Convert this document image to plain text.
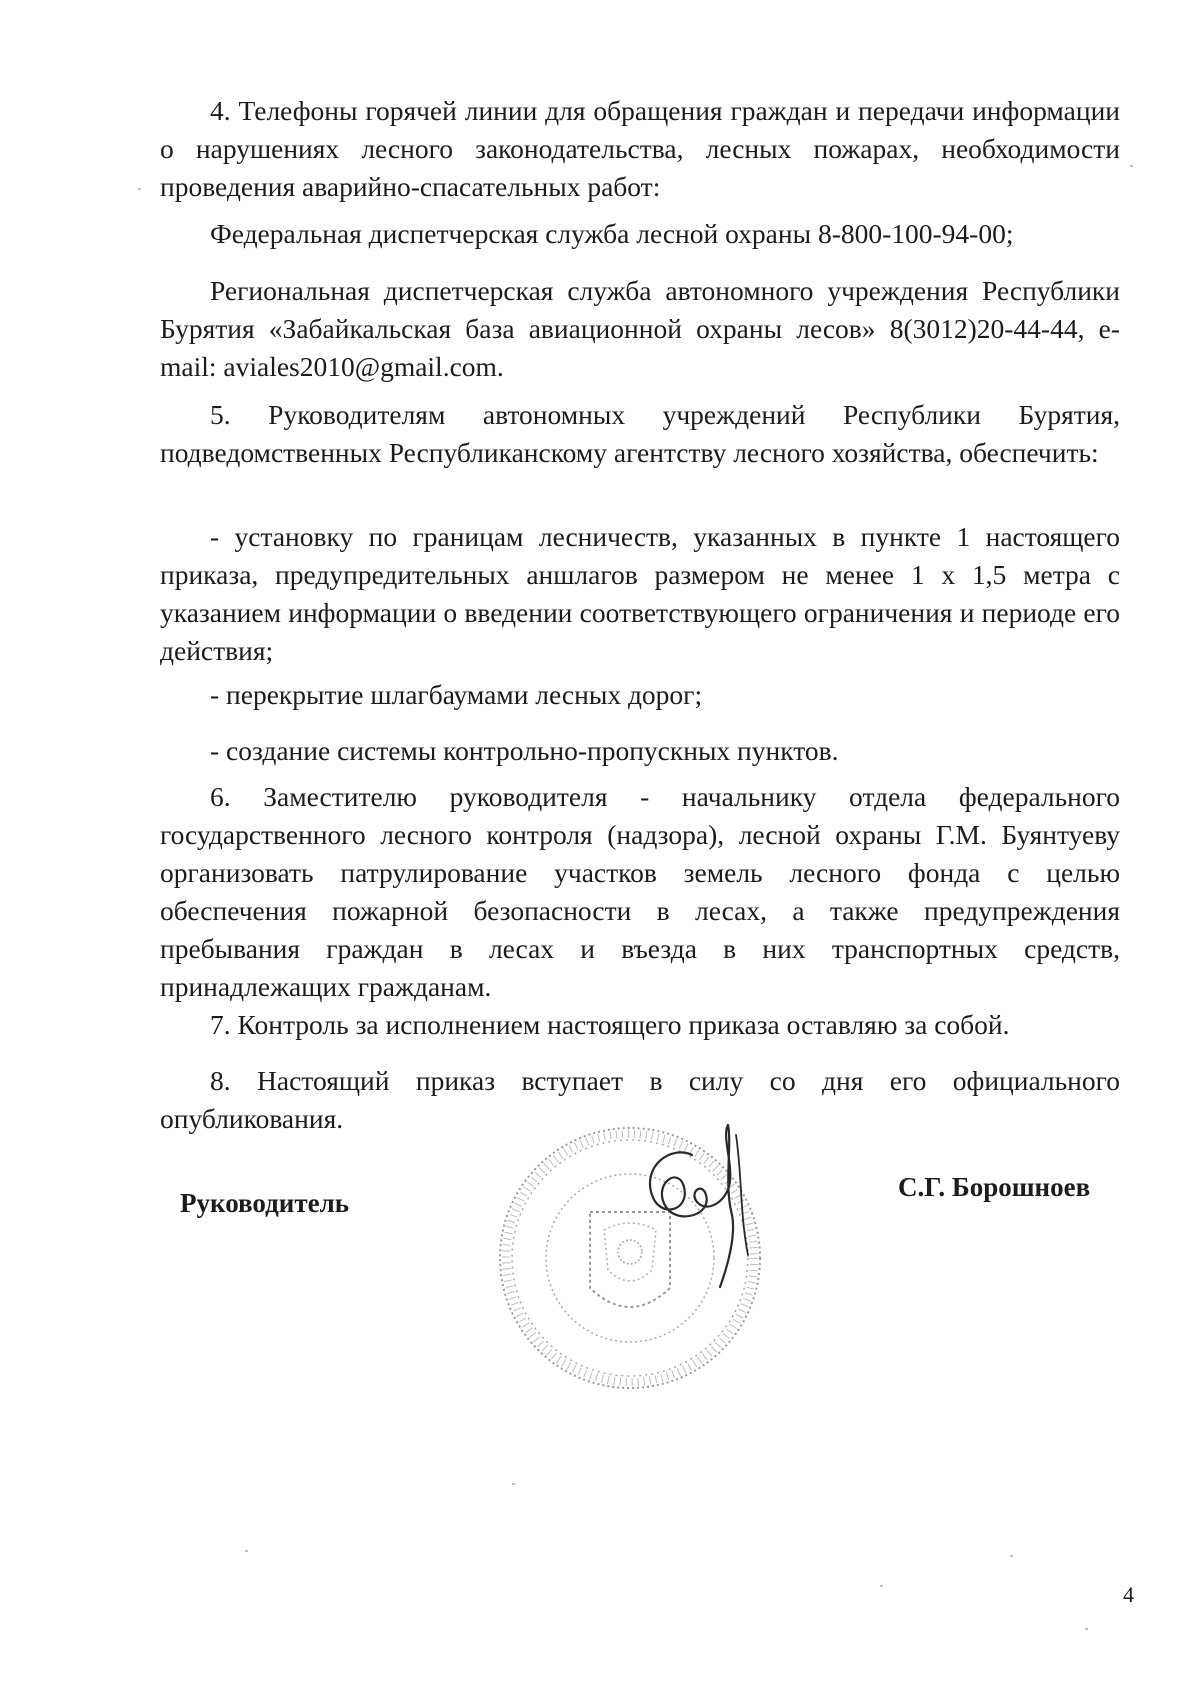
4. Телефоны горячей линии для обращения граждан и передачи информации о нарушениях лесного законодательства, лесных пожарах, необходимости проведения аварийно-спасательных работ:

Федеральная диспетчерская служба лесной охраны 8-800-100-94-00;

Региональная диспетчерская служба автономного учреждения Республики Бурятия «Забайкальская база авиационной охраны лесов» 8(3012)20-44-44, e-mail: aviales2010@gmail.com.

5. Руководителям автономных учреждений Республики Бурятия, подведомственных Республиканскому агентству лесного хозяйства, обеспечить:

- установку по границам лесничеств, указанных в пункте 1 настоящего приказа, предупредительных аншлагов размером не менее 1 х 1,5 метра с указанием информации о введении соответствующего ограничения и периоде его действия;

- перекрытие шлагбаумами лесных дорог;

- создание системы контрольно-пропускных пунктов.

6. Заместителю руководителя - начальнику отдела федерального государственного лесного контроля (надзора), лесной охраны Г.М. Буянтуеву организовать патрулирование участков земель лесного фонда с целью обеспечения пожарной безопасности в лесах, а также предупреждения пребывания граждан в лесах и въезда в них транспортных средств, принадлежащих гражданам.

7. Контроль за исполнением настоящего приказа оставляю за собой.

8. Настоящий приказ вступает в силу со дня его официального опубликования.

Руководитель

С.Г. Борошноев

4
